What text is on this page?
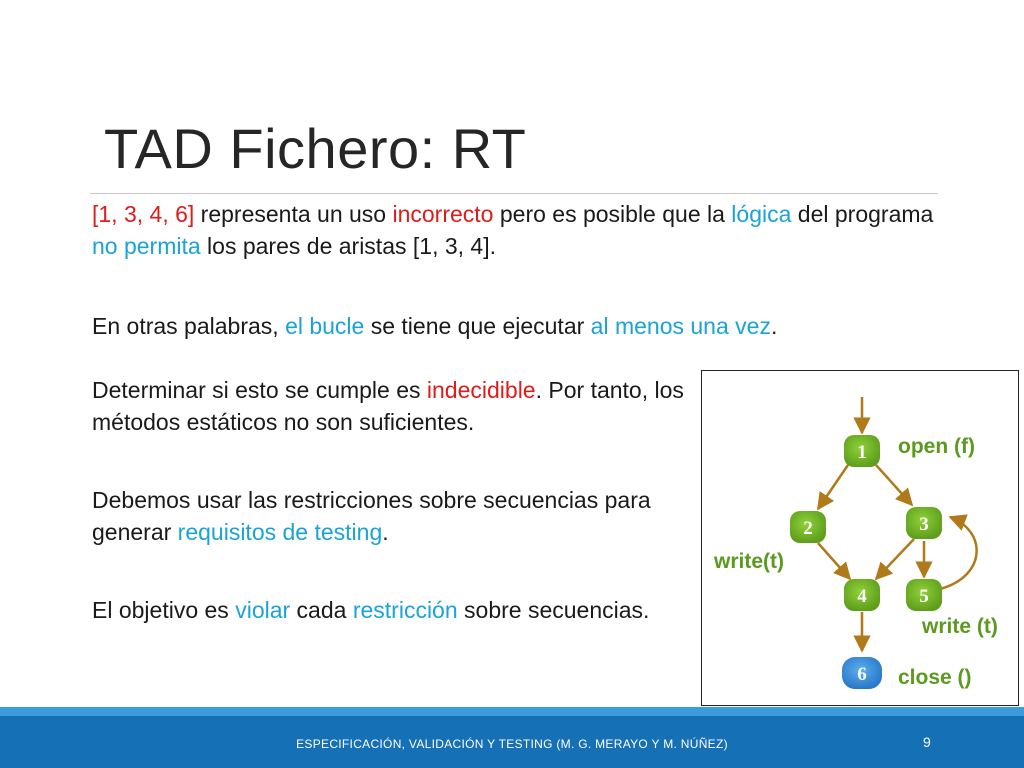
TAD Fichero: RT

[1, 3, 4, 6] representa un uso incorrecto pero es posible que la lógica del programa no permita los pares de aristas [1, 3, 4].

En otras palabras, el bucle se tiene que ejecutar al menos una vez.

Determinar si esto se cumple es indecidible. Por tanto, los métodos estáticos no son suficientes.

Debemos usar las restricciones sobre secuencias para generar requisitos de testing.

El objetivo es violar cada restricción sobre secuencias.

1
2	3
4	5
6
open (f)
write(t)
write (t)
close ()
ESPECIFICACIÓN, VALIDACIÓN Y TESTING (M. G. MERAYO Y M. NÚÑEZ)	9
